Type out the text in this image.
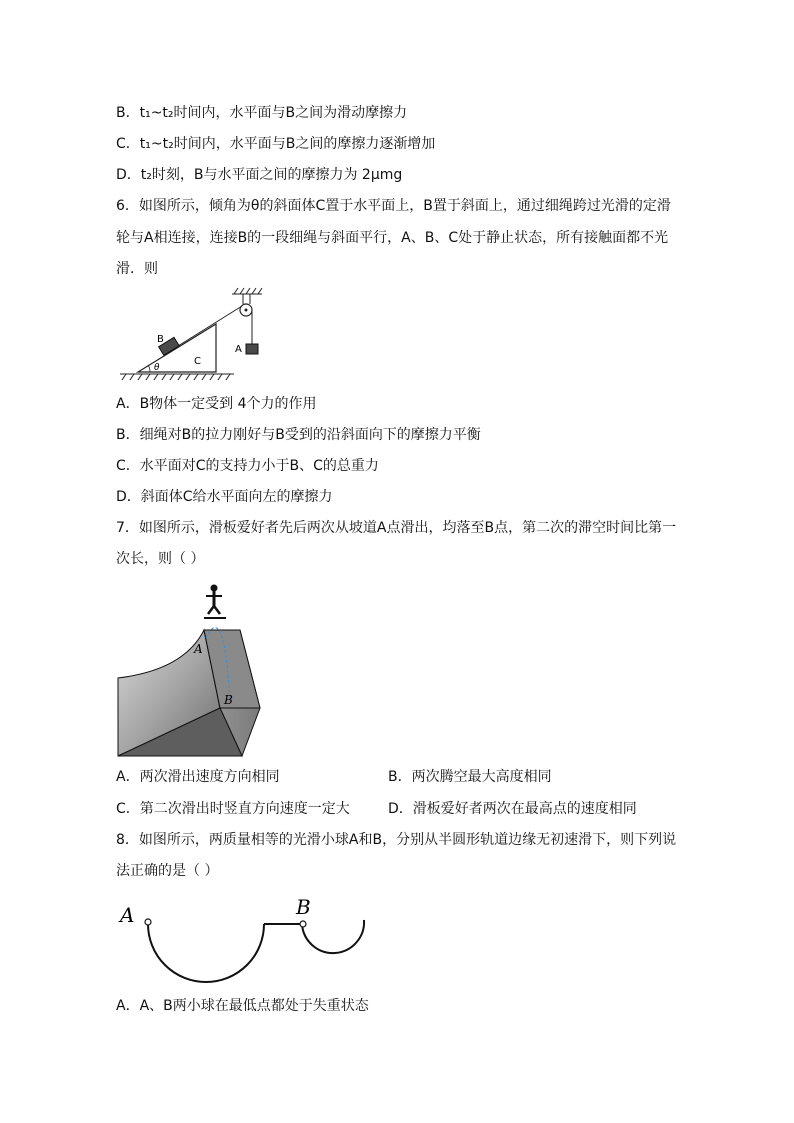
B．t₁~t₂时间内，水平面与B之间为滑动摩擦力
C．t₁~t₂时间内，水平面与B之间的摩擦力逐渐增加
D．t₂时刻，B与水平面之间的摩擦力为 2μmg
6．如图所示，倾角为θ的斜面体C置于水平面上，B置于斜面上，通过细绳跨过光滑的定滑
轮与A相连接，连接B的一段细绳与斜面平行，A、B、C处于静止状态，所有接触面都不光
滑．则
B
C
A
θ
A．B物体一定受到 4个力的作用
B．细绳对B的拉力刚好与B受到的沿斜面向下的摩擦力平衡
C．水平面对C的支持力小于B、C的总重力
D．斜面体C给水平面向左的摩擦力
7．如图所示，滑板爱好者先后两次从坡道A点滑出，均落至B点，第二次的滞空时间比第一
次长，则（ ）
A
B
A．两次滑出速度方向相同	B．两次腾空最大高度相同
C．第二次滑出时竖直方向速度一定大	D．滑板爱好者两次在最高点的速度相同
8．如图所示，两质量相等的光滑小球A和B，分别从半圆形轨道边缘无初速滑下，则下列说
法正确的是（ ）
A	B
A．A、B两小球在最低点都处于失重状态
